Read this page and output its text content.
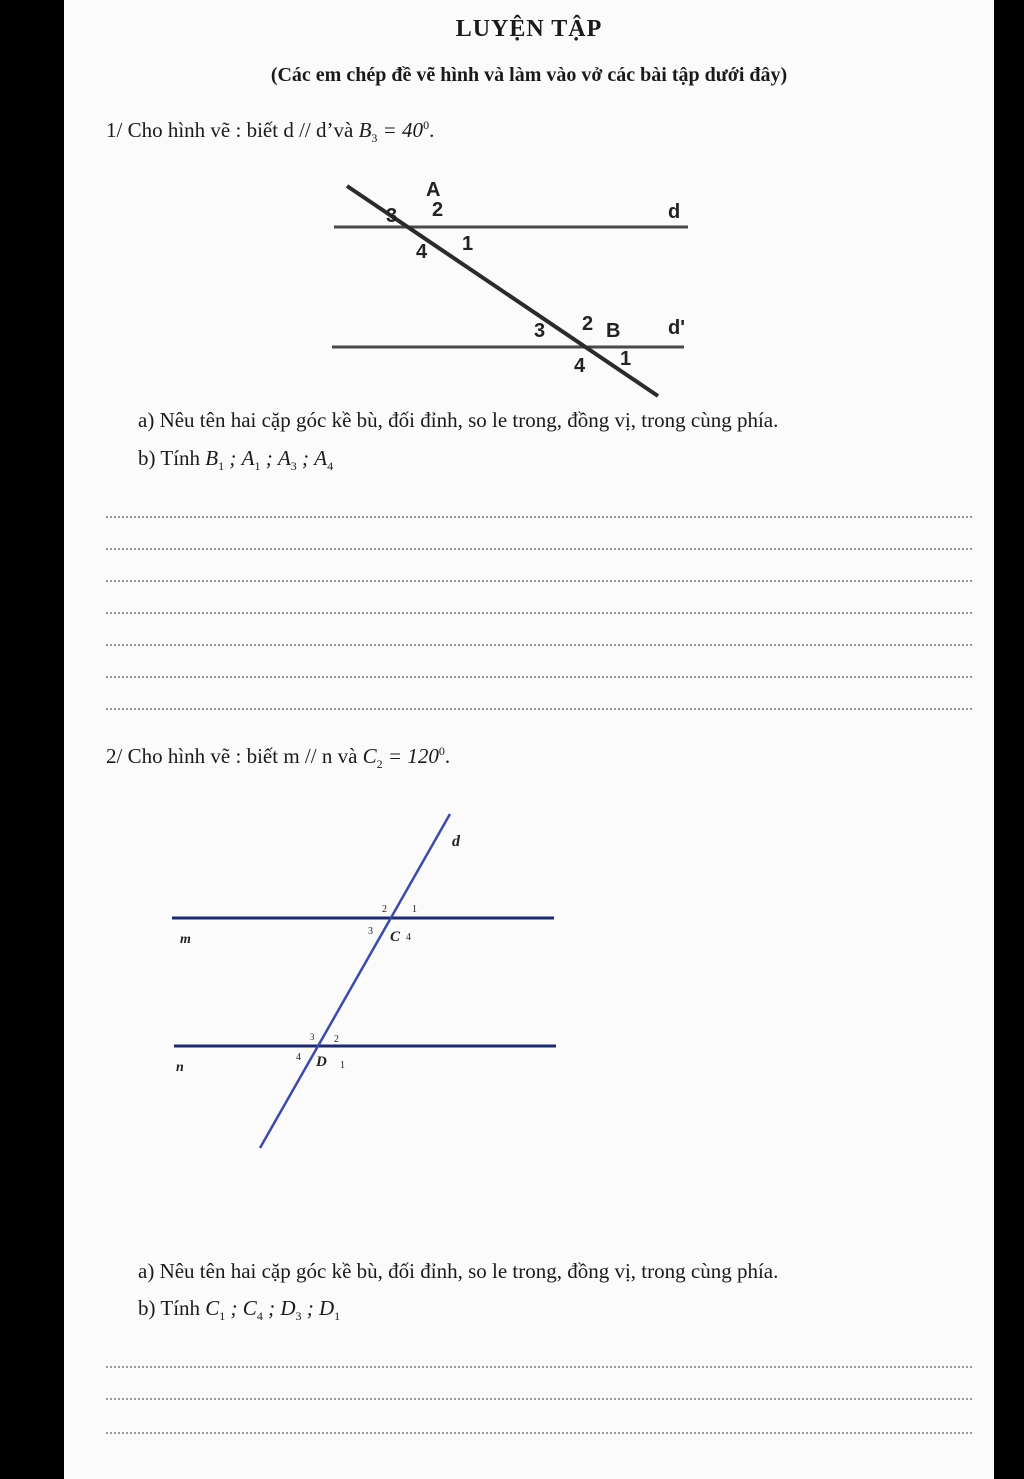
LUYỆN TẬP
(Các em chép đề vẽ hình và làm vào vở các bài tập dưới đây)
1/ Cho hình vẽ : biết d // d’và $B_3 = 40^0$.
A
2
3
4 1
d
3 2 B d'
4 1
a) Nêu tên hai cặp góc kề bù, đối đỉnh, so le trong, đồng vị, trong cùng phía.
b) Tính $B_1$ ; $A_1$ ; $A_3$ ; $A_4$
2/ Cho hình vẽ : biết m // n và $C_2 = 120^0$.
d
2	1
m
3 C 4
3 2
n
4 D 1
a) Nêu tên hai cặp góc kề bù, đối đỉnh, so le trong, đồng vị, trong cùng phía.
b) Tính $C_1$ ; $C_4$ ; $D_3$ ; $D_1$
